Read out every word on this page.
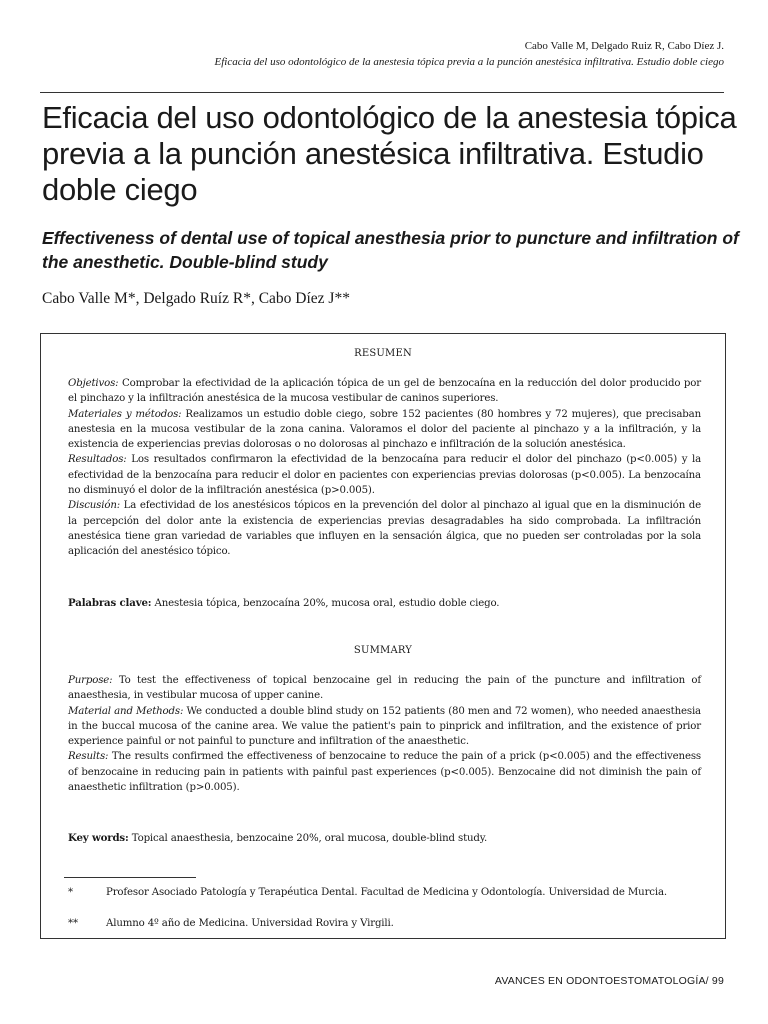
Cabo Valle M, Delgado Ruiz R, Cabo Díez J.
Eficacia del uso odontológico de la anestesia tópica previa a la punción anestésica infiltrativa. Estudio doble ciego
Eficacia del uso odontológico de la anestesia tópica previa a la punción anestésica infiltrativa. Estudio doble ciego
Effectiveness of dental use of topical anesthesia prior to puncture and infiltration of the anesthetic. Double-blind study
Cabo Valle M*, Delgado Ruíz R*, Cabo Díez J**
RESUMEN

Objetivos: Comprobar la efectividad de la aplicación tópica de un gel de benzocaína en la reducción del dolor producido por el pinchazo y la infiltración anestésica de la mucosa vestibular de caninos superiores.

Materiales y métodos: Realizamos un estudio doble ciego, sobre 152 pacientes (80 hombres y 72 mujeres), que precisaban anestesia en la mucosa vestibular de la zona canina. Valoramos el dolor del paciente al pinchazo y a la infiltración, y la existencia de experiencias previas dolorosas o no dolorosas al pinchazo e infiltración de la solución anestésica.

Resultados: Los resultados confirmaron la efectividad de la benzocaína para reducir el dolor del pinchazo (p<0.005) y la efectividad de la benzocaína para reducir el dolor en pacientes con experiencias previas dolorosas (p<0.005). La benzocaína no disminuyó el dolor de la infiltración anestésica (p>0.005).

Discusión: La efectividad de los anestésicos tópicos en la prevención del dolor al pinchazo al igual que en la disminución de la percepción del dolor ante la existencia de experiencias previas desagradables ha sido comprobada. La infiltración anestésica tiene gran variedad de variables que influyen en la sensación álgica, que no pueden ser controladas por la sola aplicación del anestésico tópico.

Palabras clave: Anestesia tópica, benzocaína 20%, mucosa oral, estudio doble ciego.
SUMMARY

Purpose: To test the effectiveness of topical benzocaine gel in reducing the pain of the puncture and infiltration of anaesthesia, in vestibular mucosa of upper canine.

Material and Methods: We conducted a double blind study on 152 patients (80 men and 72 women), who needed anaesthesia in the buccal mucosa of the canine area. We value the patient's pain to pinprick and infiltration, and the existence of prior experience painful or not painful to puncture and infiltration of the anaesthetic.

Results: The results confirmed the effectiveness of benzocaine to reduce the pain of a prick (p<0.005) and the effectiveness of benzocaine in reducing pain in patients with painful past experiences (p<0.005). Benzocaine did not diminish the pain of anaesthetic infiltration (p>0.005).

Key words: Topical anaesthesia, benzocaine 20%, oral mucosa, double-blind study.
*	Profesor Asociado Patología y Terapéutica Dental. Facultad de Medicina y Odontología. Universidad de Murcia.
**	Alumno 4º año de Medicina. Universidad Rovira y Virgili.
AVANCES EN ODONTOESTOMATOLOGÍA/ 99
